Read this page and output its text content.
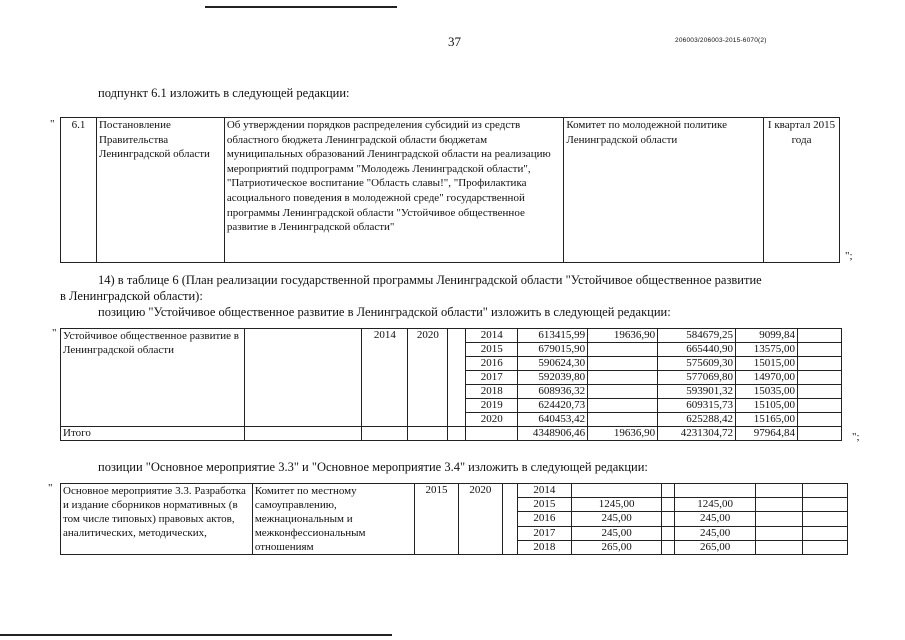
37	206003/206003-2015-6070(2)
подпункт 6.1 изложить в следующей редакции:
" 6.1	Постановление Правительства Ленинградской области	Об утверждении порядков распределения субсидий из средств областного бюджета Ленинградской области бюджетам муниципальных образований Ленинградской области на реализацию мероприятий подпрограмм "Молодежь Ленинградской области", "Патриотическое воспитание "Область славы!", "Профилактика асоциального поведения в молодежной среде" государственной программы Ленинградской области "Устойчивое общественное развитие в Ленинградской области"	Комитет по молодежной политике Ленинградской области	I квартал 2015 года
";
14) в таблице 6 (План реализации государственной программы Ленинградской области "Устойчивое общественное развитие
в Ленинградской области):
позицию "Устойчивое общественное развитие в Ленинградской области" изложить в следующей редакции:
" Устойчивое общественное развитие в Ленинградской области		2014	2020		2014	613415,99	19636,90	584679,25	9099,84	
					2015	679015,90		665440,90	13575,00	
					2016	590624,30		575609,30	15015,00	
					2017	592039,80		577069,80	14970,00	
					2018	608936,32		593901,32	15035,00	
					2019	624420,73		609315,73	15105,00	
					2020	640453,42		625288,42	15165,00	
Итого						4348906,46	19636,90	4231304,72	97964,84		";
позиции "Основное мероприятие 3.3" и "Основное мероприятие 3.4" изложить в следующей редакции:
" Основное мероприятие 3.3. Разработка и издание сборников нормативных (в том числе типовых) правовых актов, аналитических, методических,	Комитет по местному самоуправлению, межнациональным и межконфессиональным отношениям	2015	2020		2014					
					2015	1245,00		1245,00		
					2016	245,00		245,00		
					2017	245,00		245,00		
					2018	265,00		265,00		
